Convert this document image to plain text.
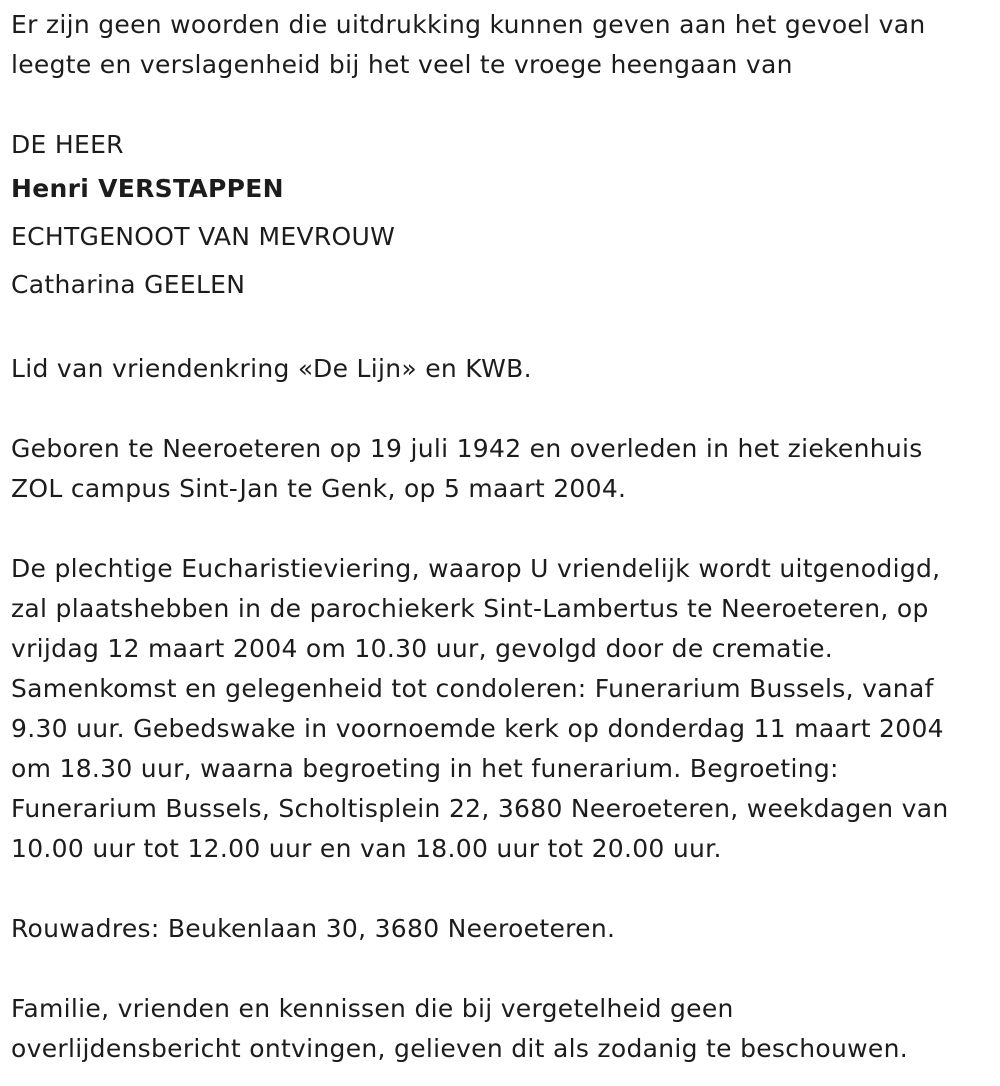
Er zijn geen woorden die uitdrukking kunnen geven aan het gevoel van
leegte en verslagenheid bij het veel te vroege heengaan van
DE HEER
Henri VERSTAPPEN
ECHTGENOOT VAN MEVROUW
Catharina GEELEN
Lid van vriendenkring «De Lijn» en KWB.
Geboren te Neeroeteren op 19 juli 1942 en overleden in het ziekenhuis
ZOL campus Sint-Jan te Genk, op 5 maart 2004.
De plechtige Eucharistieviering, waarop U vriendelijk wordt uitgenodigd,
zal plaatshebben in de parochiekerk Sint-Lambertus te Neeroeteren, op
vrijdag 12 maart 2004 om 10.30 uur, gevolgd door de crematie.
Samenkomst en gelegenheid tot condoleren: Funerarium Bussels, vanaf
9.30 uur. Gebedswake in voornoemde kerk op donderdag 11 maart 2004
om 18.30 uur, waarna begroeting in het funerarium. Begroeting:
Funerarium Bussels, Scholtisplein 22, 3680 Neeroeteren, weekdagen van
10.00 uur tot 12.00 uur en van 18.00 uur tot 20.00 uur.
Rouwadres: Beukenlaan 30, 3680 Neeroeteren.
Familie, vrienden en kennissen die bij vergetelheid geen
overlijdensbericht ontvingen, gelieven dit als zodanig te beschouwen.
